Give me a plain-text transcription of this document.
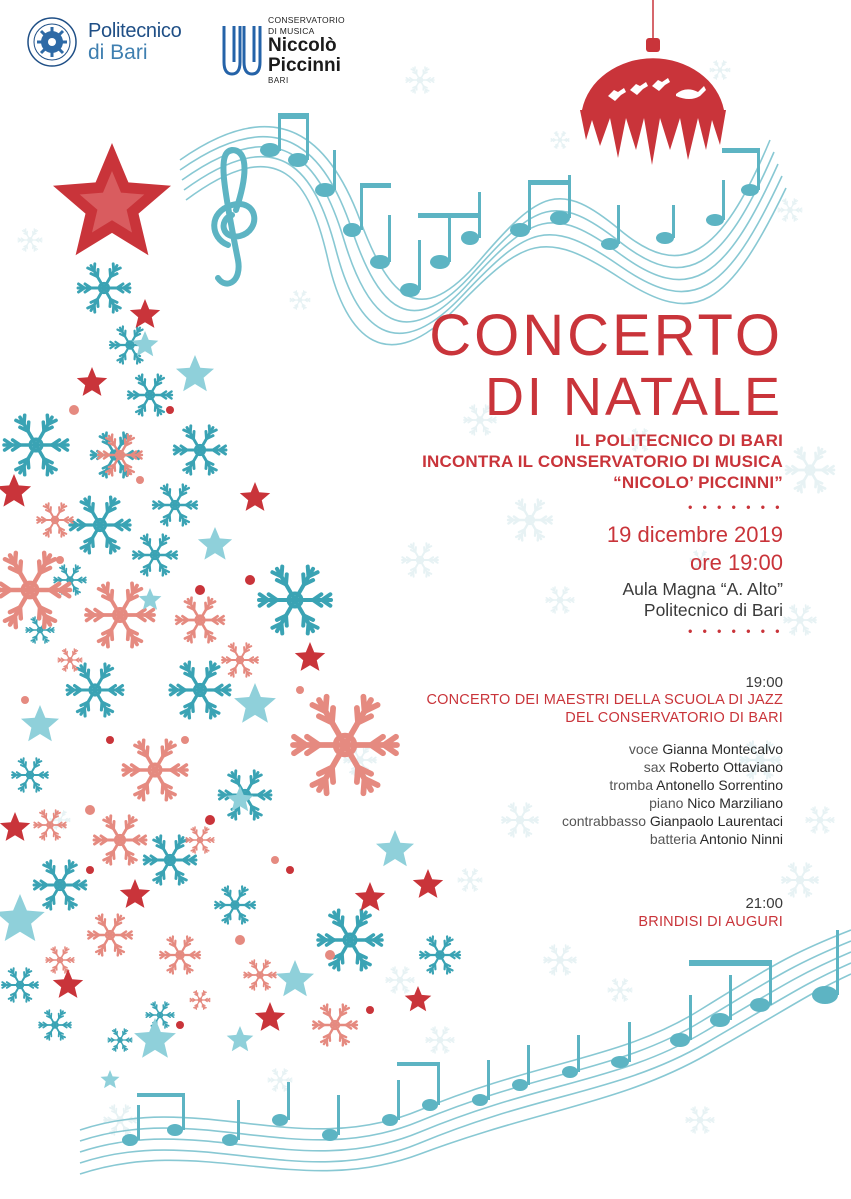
Politecnico
di Bari
CONSERVATORIO
DI MUSICA
Niccolò
Piccinni
BARI
CONCERTO
DI NATALE
IL POLITECNICO DI BARI
INCONTRA IL CONSERVATORIO DI MUSICA
“NICOLO’ PICCINNI”
• • • • • • •
19 dicembre 2019
ore 19:00
Aula Magna “A. Alto”
Politecnico di Bari
• • • • • • •
19:00
CONCERTO DEI MAESTRI DELLA SCUOLA DI JAZZ
DEL CONSERVATORIO DI BARI
voce Gianna Montecalvo
sax Roberto Ottaviano
tromba Antonello Sorrentino
piano Nico Marziliano
contrabbasso Gianpaolo Laurentaci
batteria Antonio Ninni
21:00
BRINDISI DI AUGURI
